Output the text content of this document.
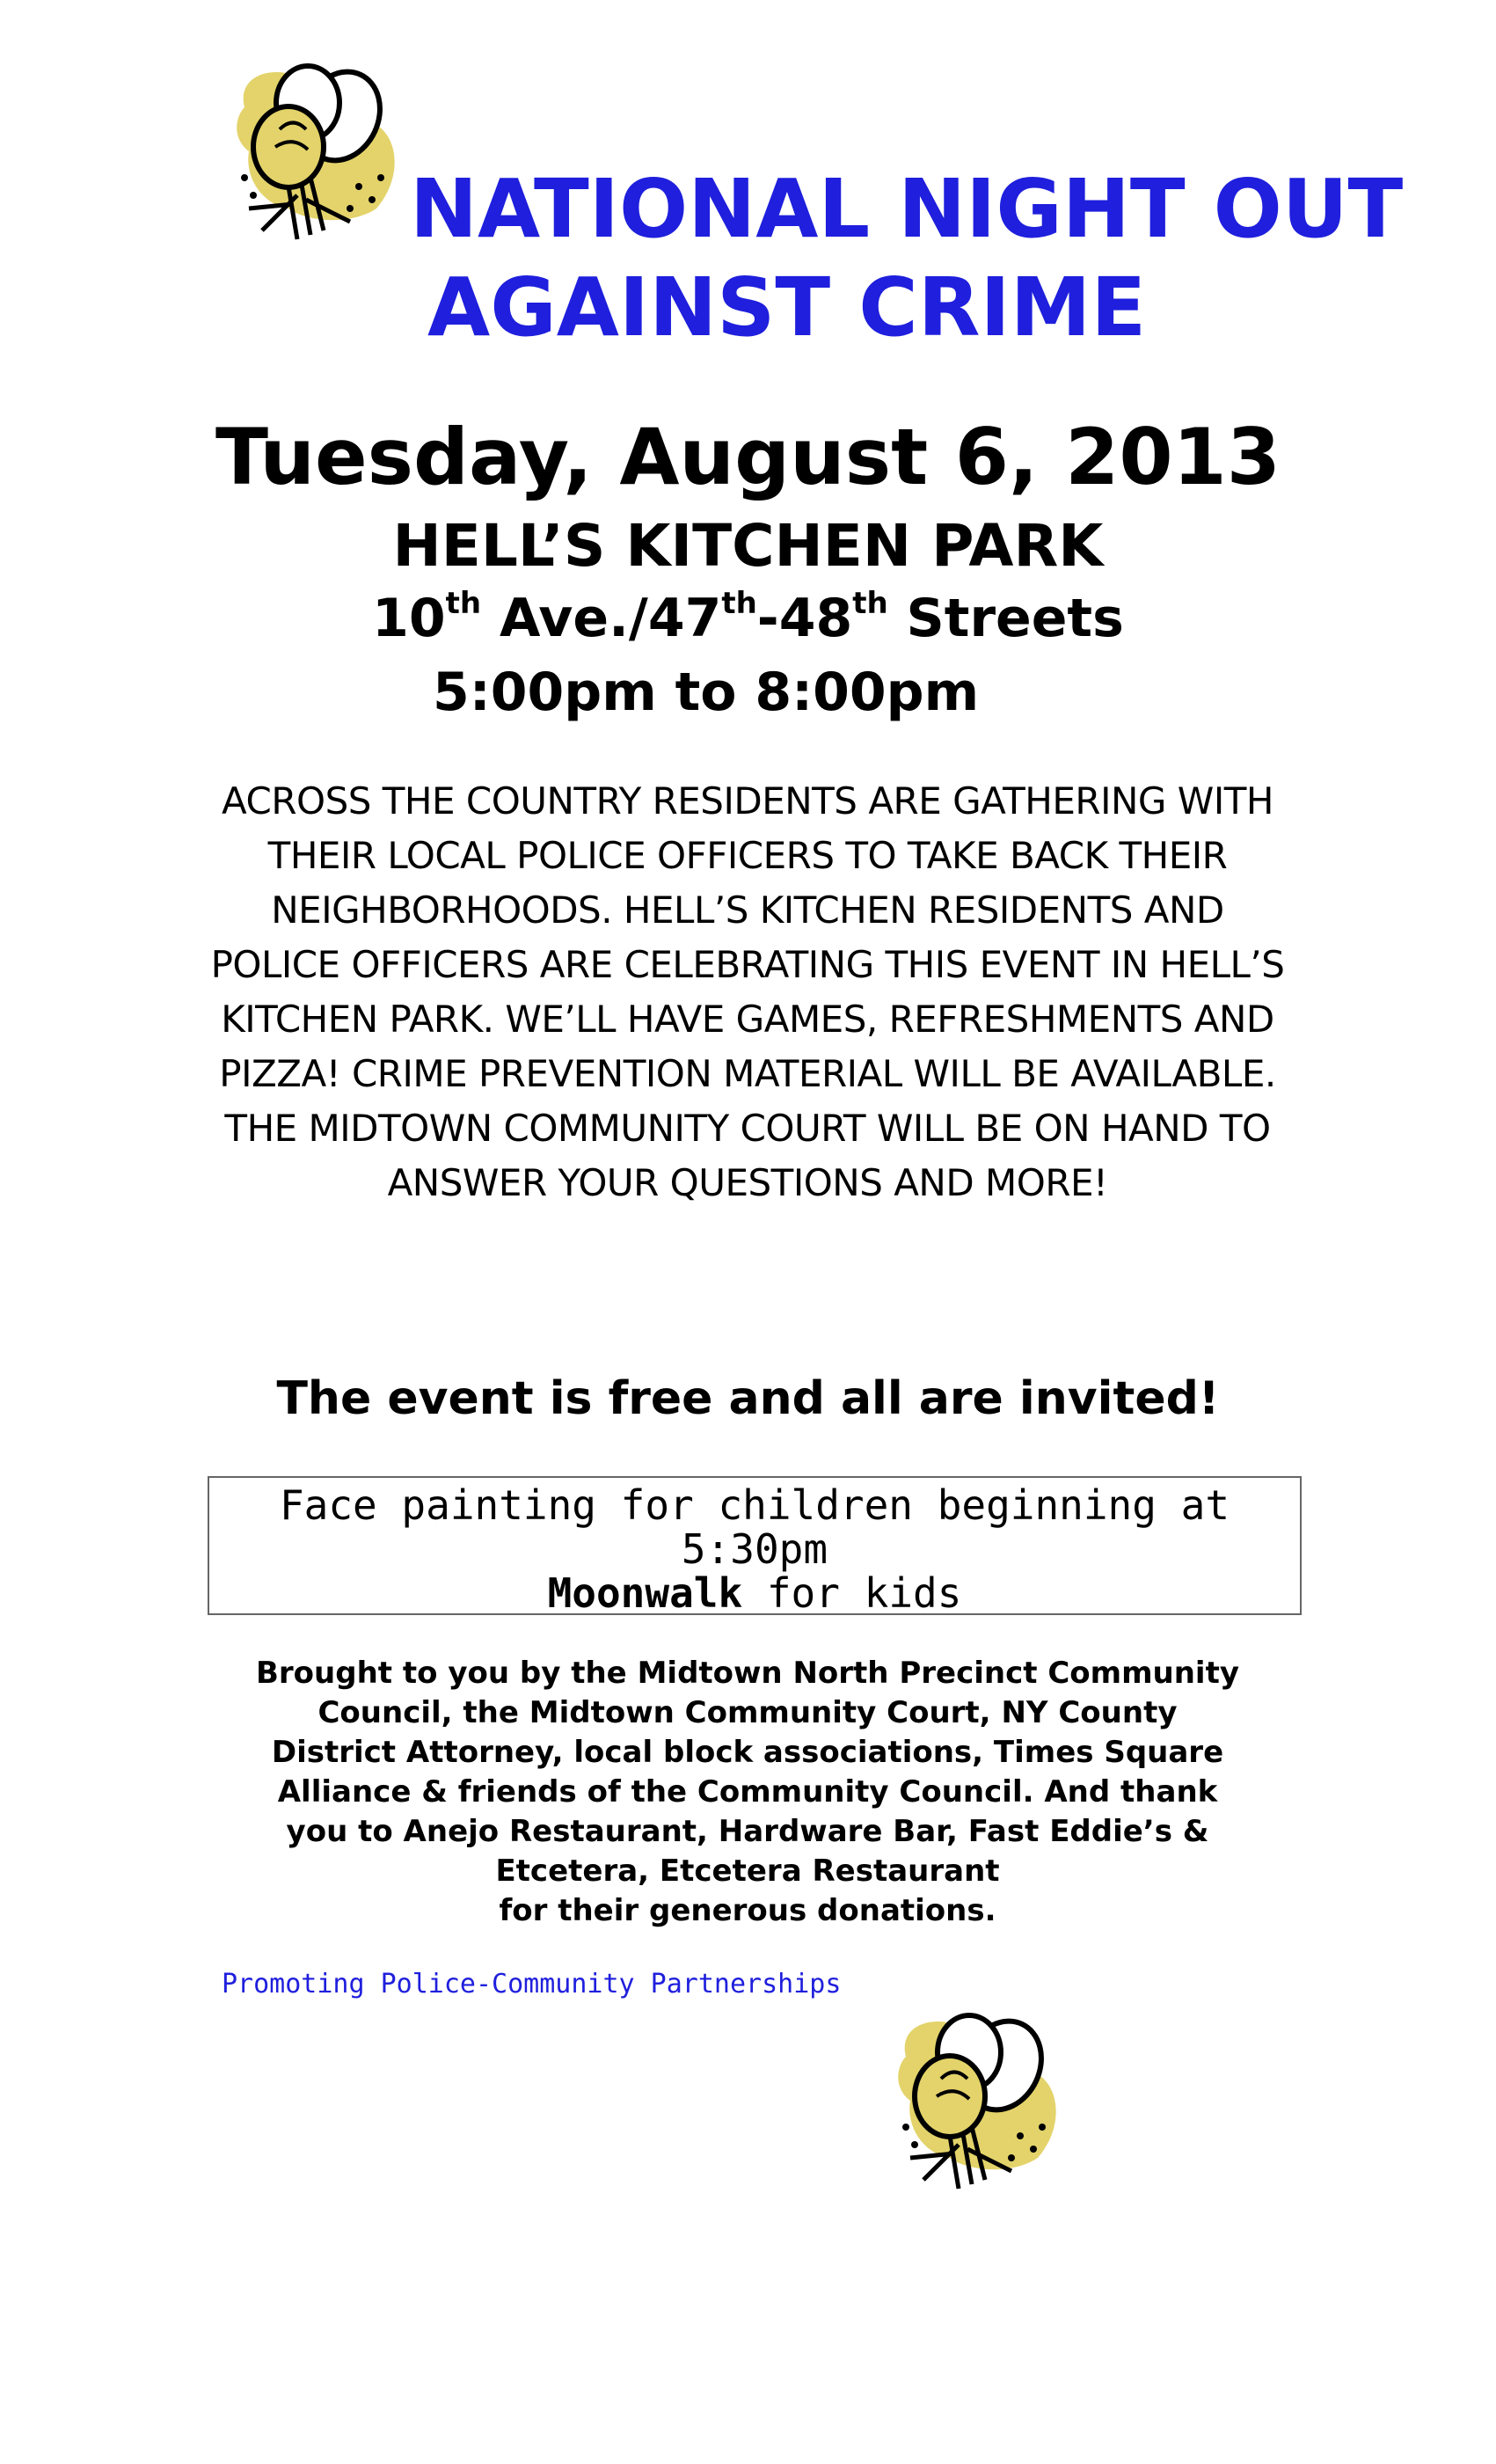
NATIONAL NIGHT OUT
AGAINST CRIME
Tuesday, August 6, 2013
HELL’S KITCHEN PARK
10th Ave./47th-48th Streets
5:00pm to 8:00pm
ACROSS THE COUNTRY RESIDENTS ARE GATHERING WITH THEIR LOCAL POLICE OFFICERS TO TAKE BACK THEIR NEIGHBORHOODS. HELL’S KITCHEN RESIDENTS AND POLICE OFFICERS ARE CELEBRATING THIS EVENT IN HELL’S KITCHEN PARK. WE’LL HAVE GAMES, REFRESHMENTS AND PIZZA! CRIME PREVENTION MATERIAL WILL BE AVAILABLE. THE MIDTOWN COMMUNITY COURT WILL BE ON HAND TO ANSWER YOUR QUESTIONS AND MORE!
The event is free and all are invited!
Face painting for children beginning at 5:30pm
Moonwalk for kids
Brought to you by the Midtown North Precinct Community Council, the Midtown Community Court, NY County District Attorney, local block associations, Times Square Alliance & friends of the Community Council. And thank you to Anejo Restaurant, Hardware Bar, Fast Eddie’s & Etcetera, Etcetera Restaurant
for their generous donations.
Promoting Police-Community Partnerships
